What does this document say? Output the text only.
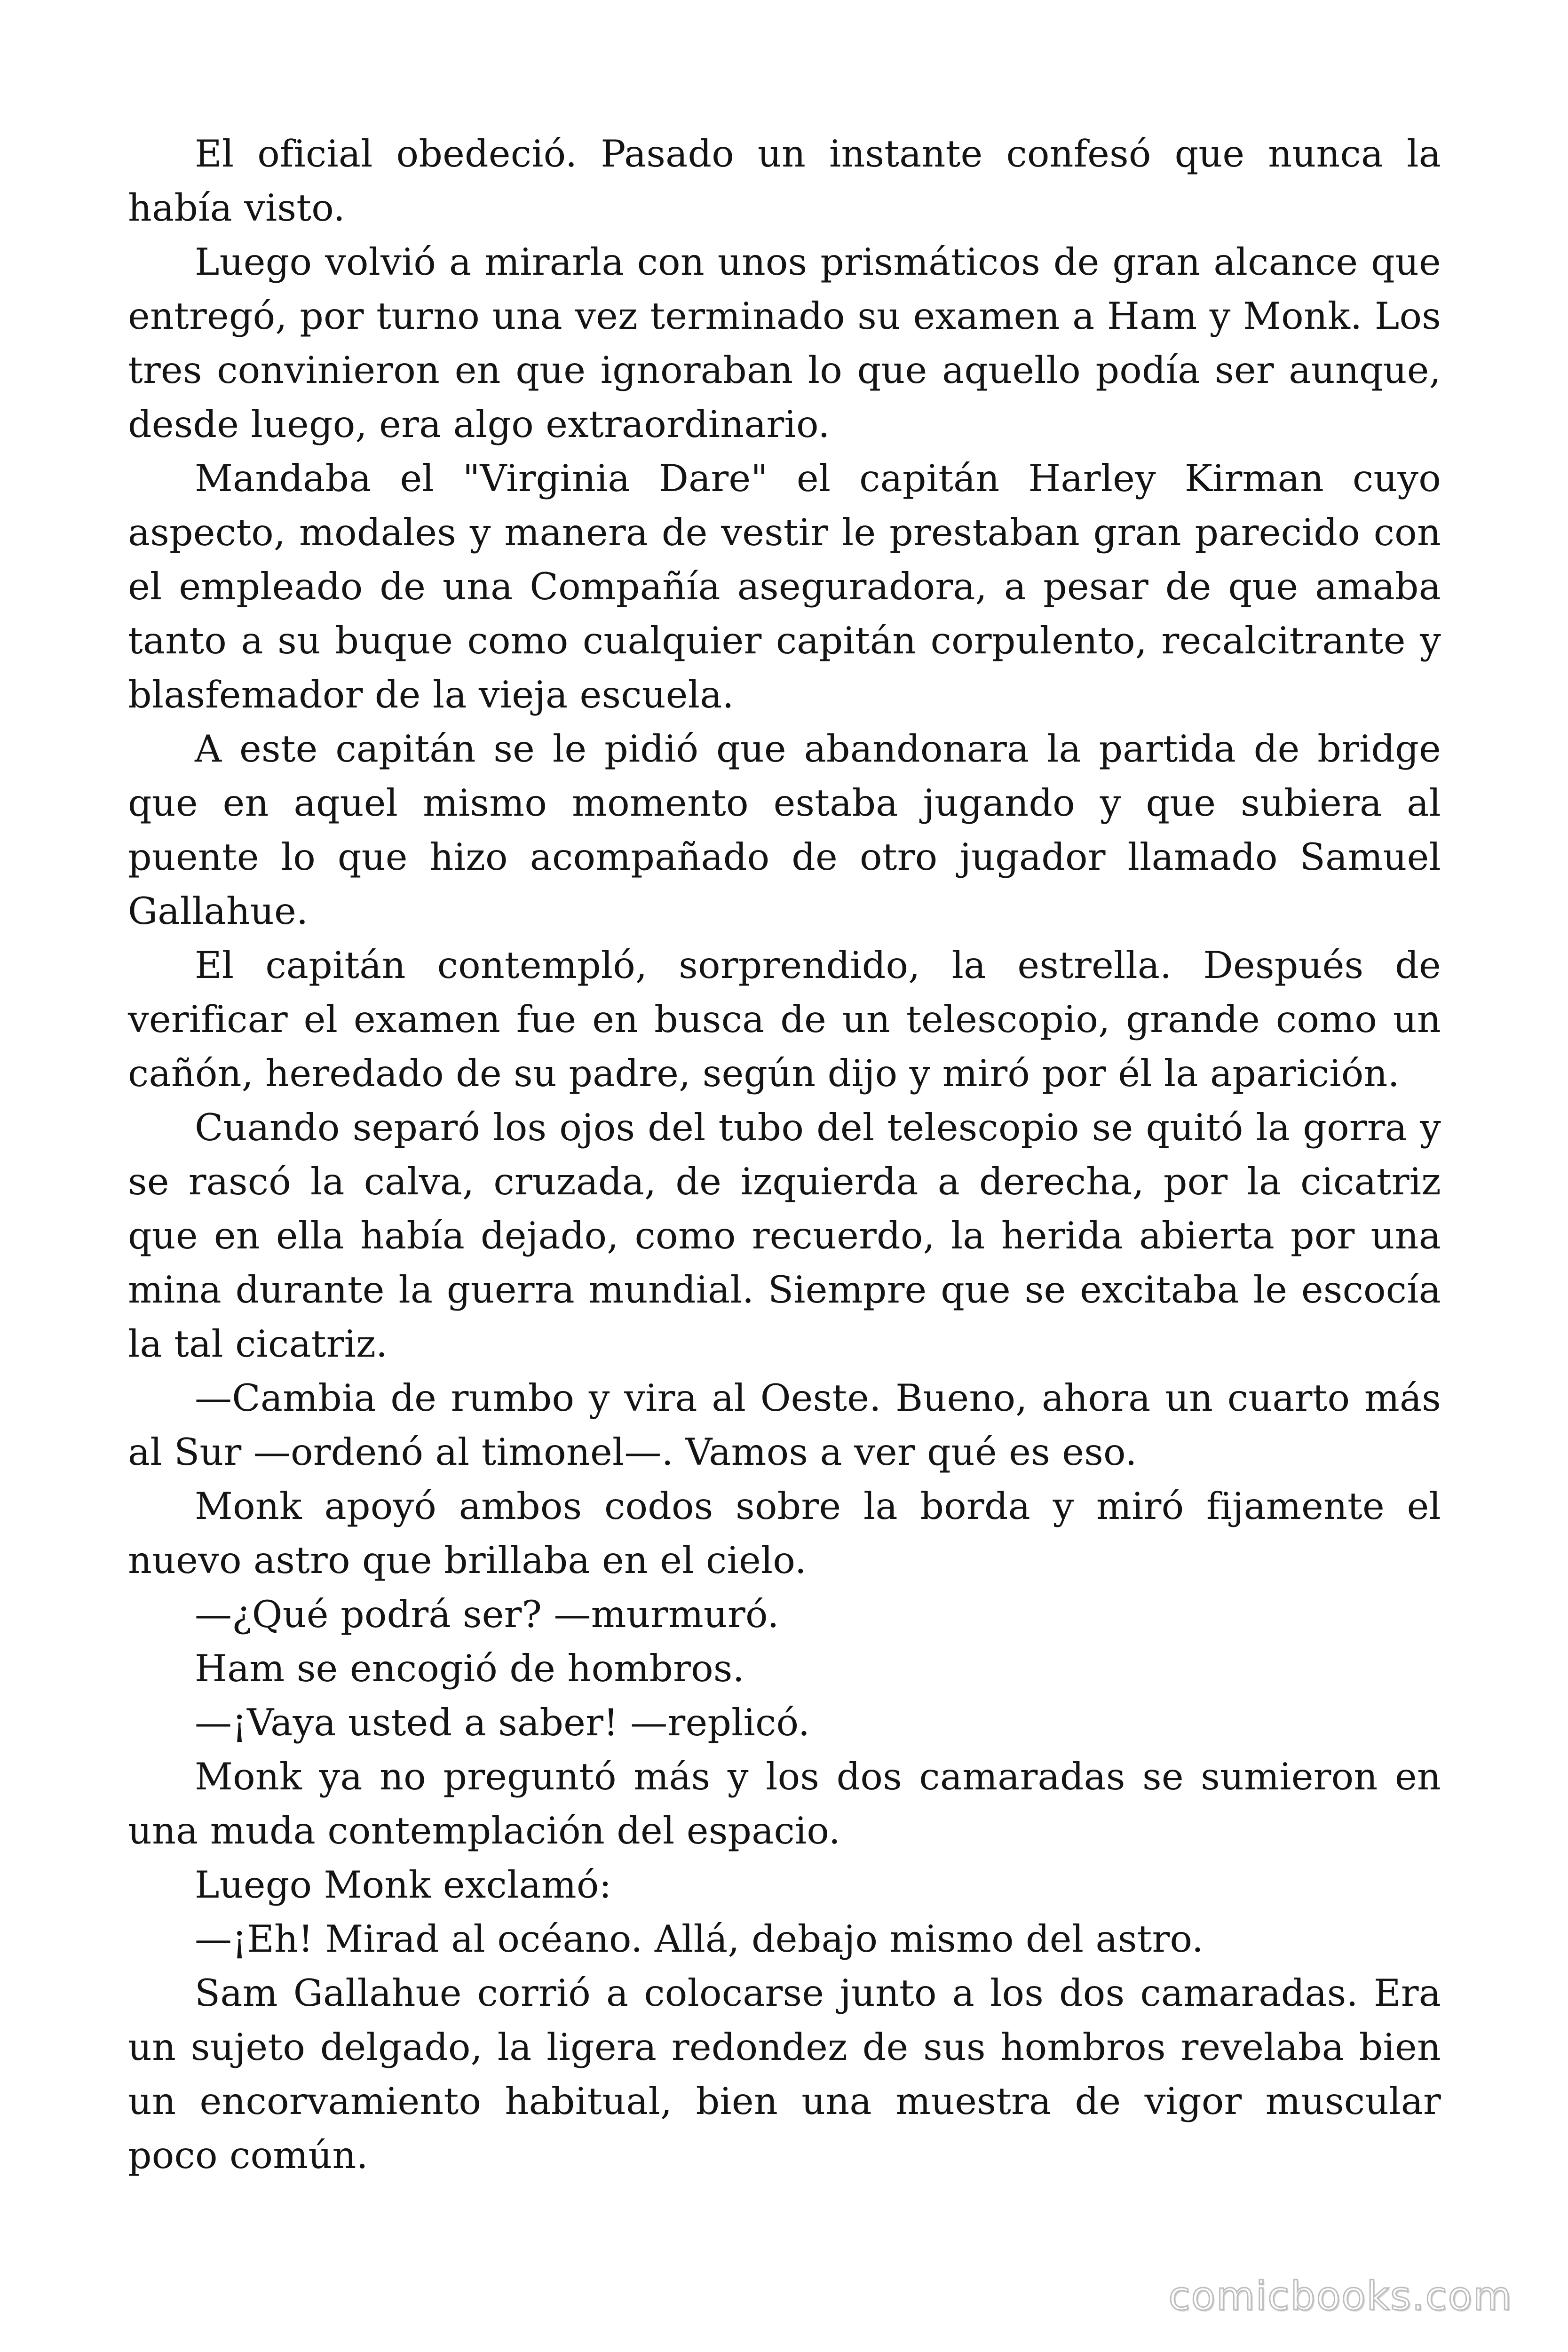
El oficial obedeció. Pasado un instante confesó que nunca la había visto.

Luego volvió a mirarla con unos prismáticos de gran alcance que entregó, por turno una vez terminado su examen a Ham y Monk. Los tres convinieron en que ignoraban lo que aquello podía ser aunque, desde luego, era algo extraordinario.

Mandaba el "Virginia Dare" el capitán Harley Kirman cuyo aspecto, modales y manera de vestir le prestaban gran parecido con el empleado de una Compañía aseguradora, a pesar de que amaba tanto a su buque como cualquier capitán corpulento, recalcitrante y blasfemador de la vieja escuela.

A este capitán se le pidió que abandonara la partida de bridge que en aquel mismo momento estaba jugando y que subiera al puente lo que hizo acompañado de otro jugador llamado Samuel Gallahue.

El capitán contempló, sorprendido, la estrella. Después de verificar el examen fue en busca de un telescopio, grande como un cañón, heredado de su padre, según dijo y miró por él la aparición.

Cuando separó los ojos del tubo del telescopio se quitó la gorra y se rascó la calva, cruzada, de izquierda a derecha, por la cicatriz que en ella había dejado, como recuerdo, la herida abierta por una mina durante la guerra mundial. Siempre que se excitaba le escocía la tal cicatriz.

—Cambia de rumbo y vira al Oeste. Bueno, ahora un cuarto más al Sur —ordenó al timonel—. Vamos a ver qué es eso.

Monk apoyó ambos codos sobre la borda y miró fijamente el nuevo astro que brillaba en el cielo.

—¿Qué podrá ser? —murmuró.

Ham se encogió de hombros.

—¡Vaya usted a saber! —replicó.

Monk ya no preguntó más y los dos camaradas se sumieron en una muda contemplación del espacio.

Luego Monk exclamó:

—¡Eh! Mirad al océano. Allá, debajo mismo del astro.

Sam Gallahue corrió a colocarse junto a los dos camaradas. Era un sujeto delgado, la ligera redondez de sus hombros revelaba bien un encorvamiento habitual, bien una muestra de vigor muscular poco común.

comicbooks.com
